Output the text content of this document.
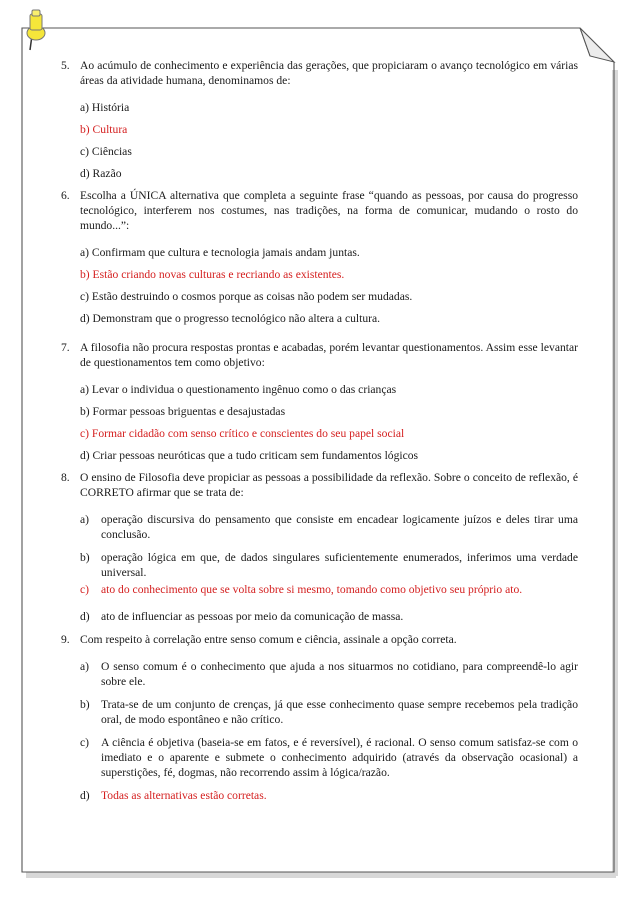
5. Ao acúmulo de conhecimento e experiência das gerações, que propiciaram o avanço tecnológico em várias áreas da atividade humana, denominamos de:
a) História
b) Cultura
c) Ciências
d) Razão
6. Escolha a ÚNICA alternativa que completa a seguinte frase “quando as pessoas, por causa do progresso tecnológico, interferem nos costumes, nas tradições, na forma de comunicar, mudando o rosto do mundo...”:
a) Confirmam que cultura e tecnologia jamais andam juntas.
b) Estão criando novas culturas e recriando as existentes.
c) Estão destruindo o cosmos porque as coisas não podem ser mudadas.
d) Demonstram que o progresso tecnológico não altera a cultura.
7. A filosofia não procura respostas prontas e acabadas, porém levantar questionamentos. Assim esse levantar de questionamentos tem como objetivo:
a) Levar o individua o questionamento ingênuo como o das crianças
b) Formar pessoas briguentas e desajustadas
c) Formar cidadão com senso crítico e conscientes do seu papel social
d) Criar pessoas neuróticas que a tudo criticam sem fundamentos lógicos
8. O ensino de Filosofia deve propiciar as pessoas a possibilidade da reflexão. Sobre o conceito de reflexão, é CORRETO afirmar que se trata de:
a) operação discursiva do pensamento que consiste em encadear logicamente juízos e deles tirar uma conclusão.
b) operação lógica em que, de dados singulares suficientemente enumerados, inferimos uma verdade universal.
c) ato do conhecimento que se volta sobre si mesmo, tomando como objetivo seu próprio ato.
d) ato de influenciar as pessoas por meio da comunicação de massa.
9. Com respeito à correlação entre senso comum e ciência, assinale a opção correta.
a) O senso comum é o conhecimento que ajuda a nos situarmos no cotidiano, para compreendê-lo agir sobre ele.
b) Trata-se de um conjunto de crenças, já que esse conhecimento quase sempre recebemos pela tradição oral, de modo espontâneo e não crítico.
c) A ciência é objetiva (baseia-se em fatos, e é reversível), é racional. O senso comum satisfaz-se com o imediato e o aparente e submete o conhecimento adquirido (através da observação ocasional) a superstições, fé, dogmas, não recorrendo assim à lógica/razão.
d) Todas as alternativas estão corretas.
